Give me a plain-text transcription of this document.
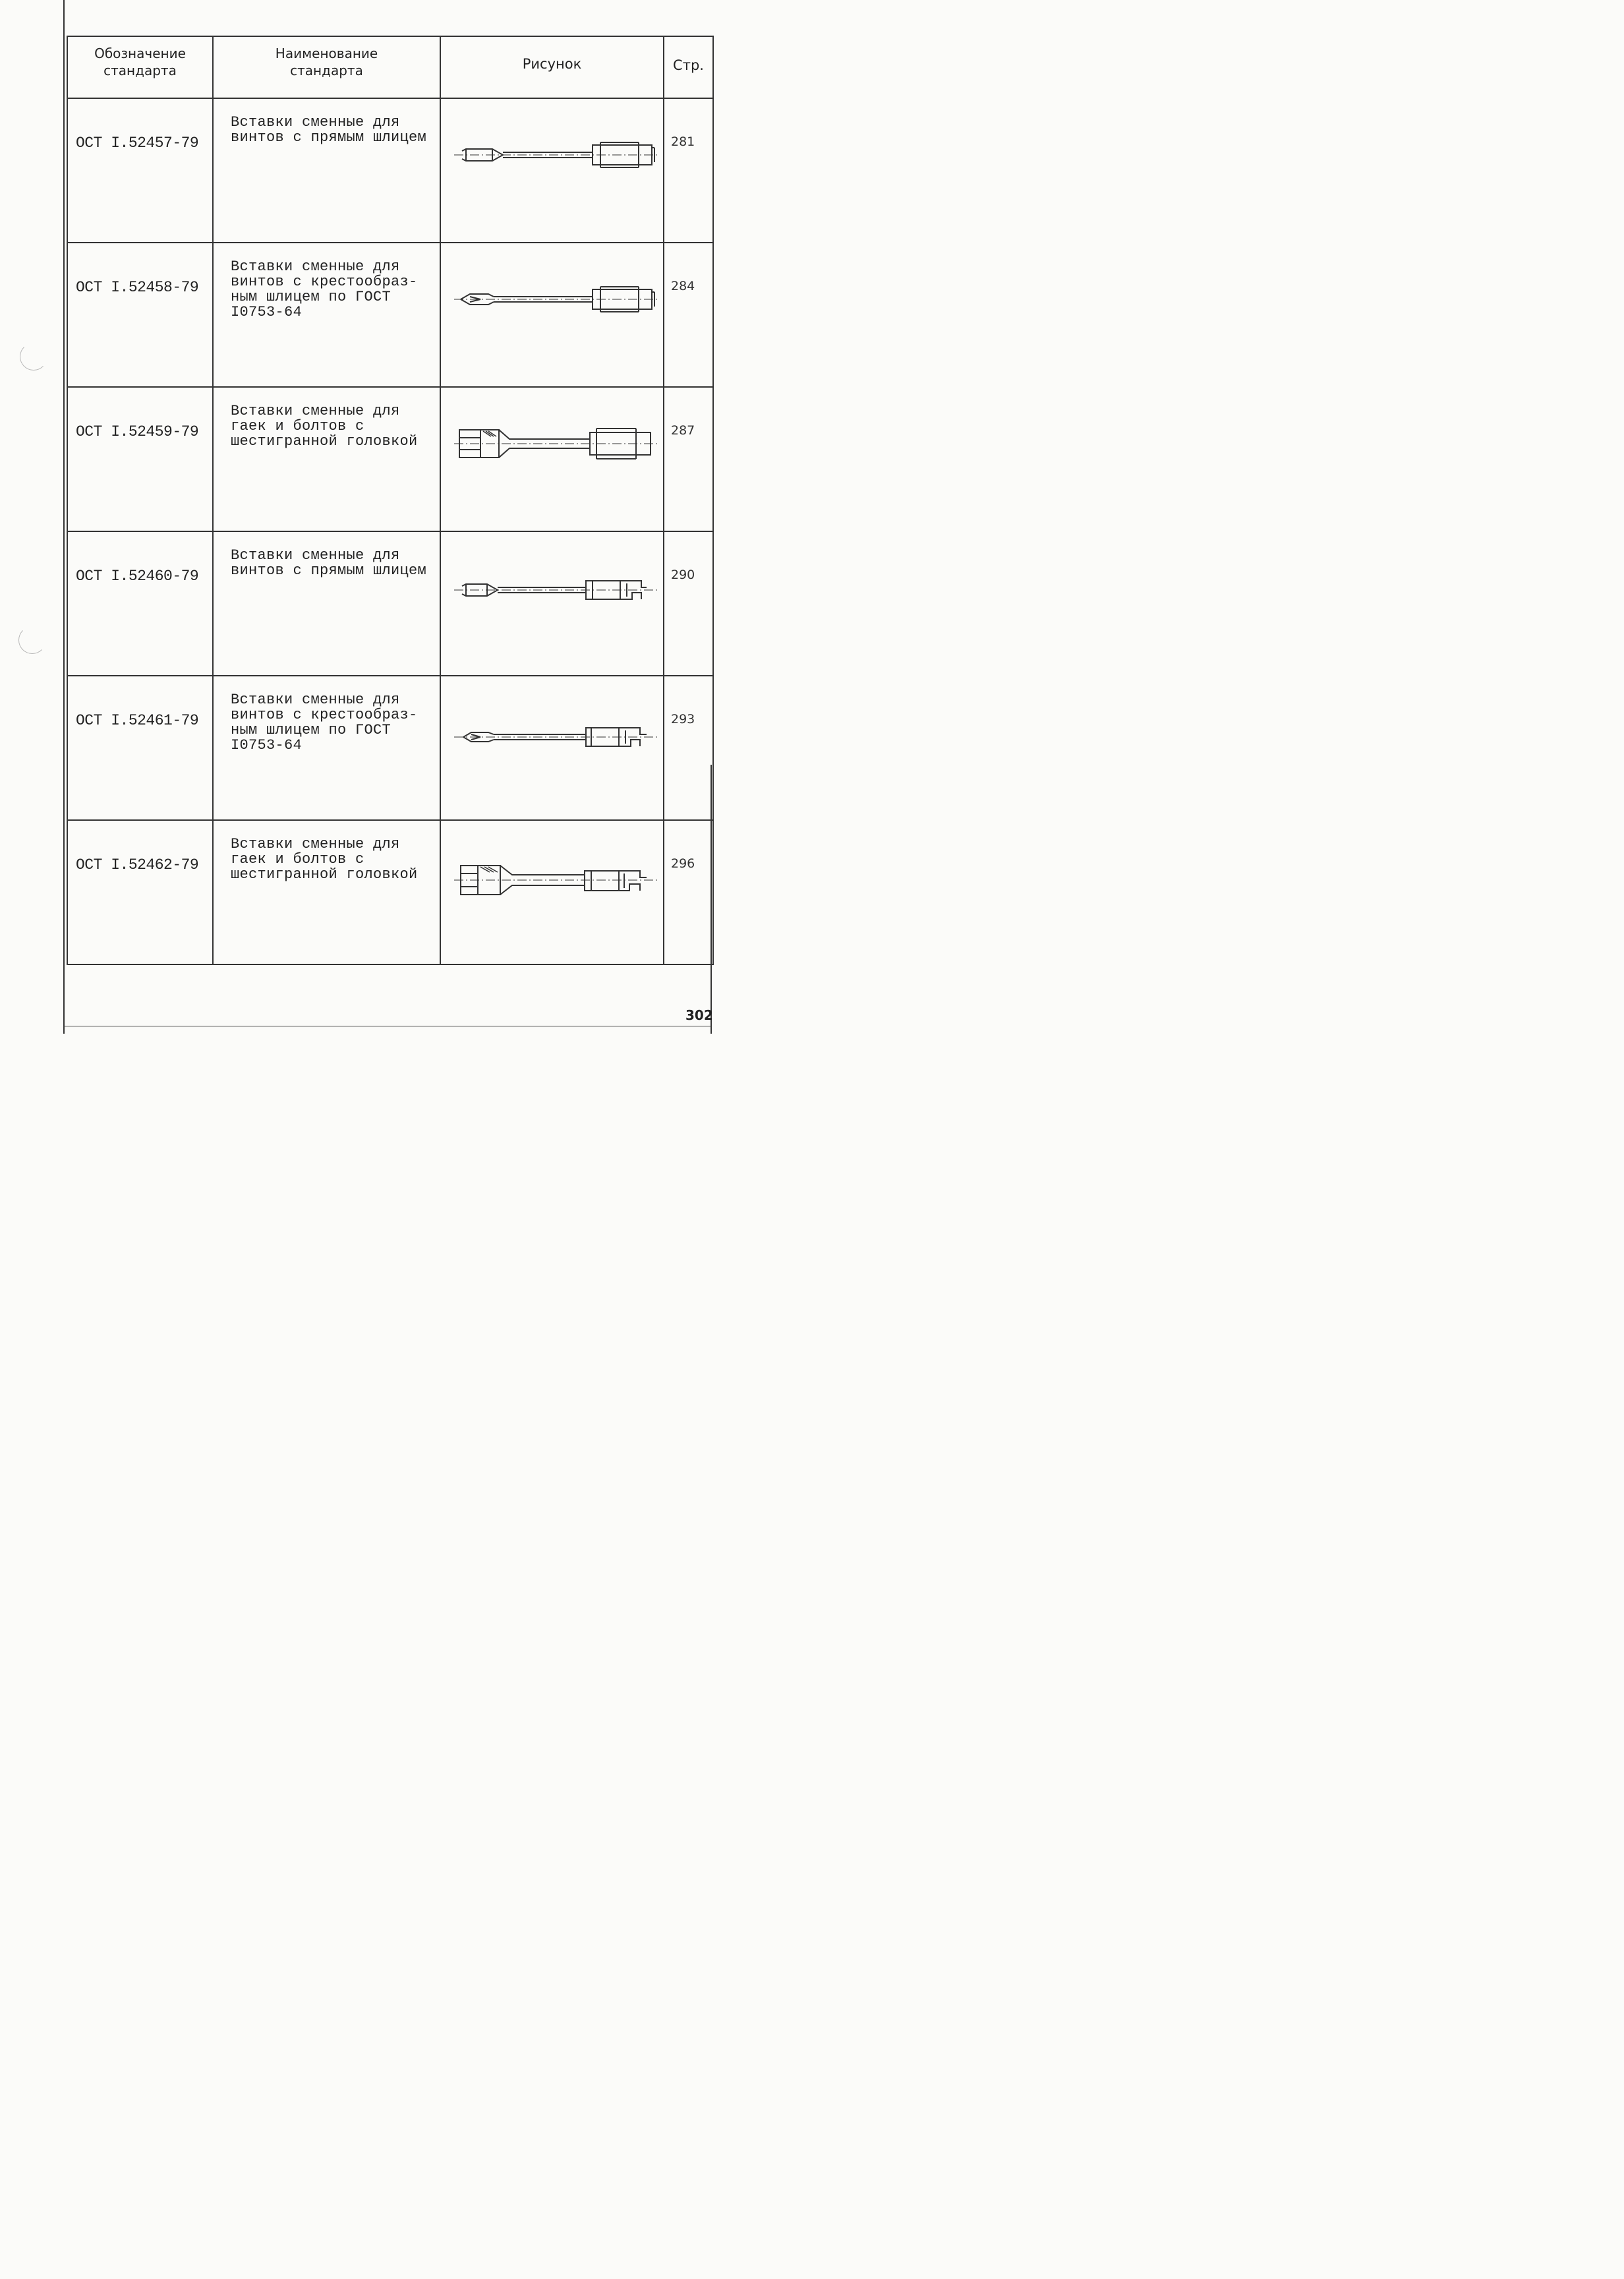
Обозначение стандарта	Наименование стандарта	Рисунок	Стр.

ОСТ I.52457-79	Вставки сменные для винтов с прямым шлицем		281
ОСТ I.52458-79	Вставки сменные для винтов с крестообраз- ным шлицем по ГОСТ I0753-64		284
ОСТ I.52459-79	Вставки сменные для гаек и болтов с шестигранной головкой		287
ОСТ I.52460-79	Вставки сменные для винтов с прямым шлицем		290
ОСТ I.52461-79	Вставки сменные для винтов с крестообраз- ным шлицем по ГОСТ I0753-64		293
ОСТ I.52462-79	Вставки сменные для гаек и болтов с шестигранной головкой		296
302
